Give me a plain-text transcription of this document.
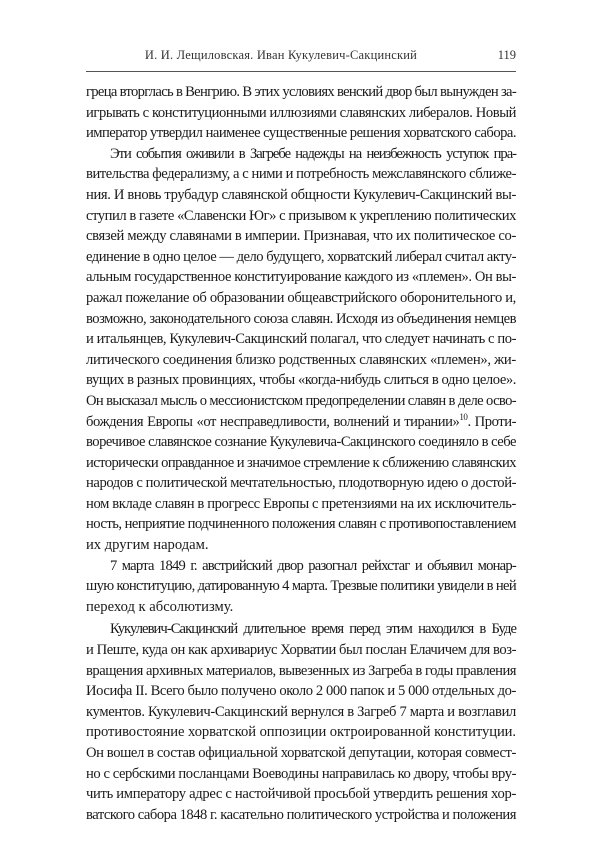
И. И. Лещиловская. Иван Кукулевич-Сакцинский	119

греца вторглась в Венгрию. В этих условиях венский двор был вынужден за-
игрывать с конституционными иллюзиями славянских либералов. Новый
император утвердил наименее существенные решения хорватского сабора.

Эти события оживили в Загребе надежды на неизбежность уступок пра-
вительства федерализму, а с ними и потребность межславянского сближе-
ния. И вновь трубадур славянской общности Кукулевич-Сакцинский вы-
ступил в газете «Славенски Юг» с призывом к укреплению политических
связей между славянами в империи. Признавая, что их политическое со-
единение в одно целое — дело будущего, хорватский либерал считал акту-
альным государственное конституирование каждого из «племен». Он вы-
ражал пожелание об образовании общеавстрийского оборонительного и,
возможно, законодательного союза славян. Исходя из объединения немцев
и итальянцев, Кукулевич-Сакцинский полагал, что следует начинать с по-
литического соединения близко родственных славянских «племен», жи-
вущих в разных провинциях, чтобы «когда-нибудь слиться в одно целое».
Он высказал мысль о мессионистском предопределении славян в деле осво-
бождения Европы «от несправедливости, волнений и тирании»$^{10}$. Проти-
воречивое славянское сознание Кукулевича-Сакцинского соединяло в себе
исторически оправданное и значимое стремление к сближению славянских
народов с политической мечтательностью, плодотворную идею о достой-
ном вкладе славян в прогресс Европы с претензиями на их исключитель-
ность, неприятие подчиненного положения славян с противопоставлением
их другим народам.

7 марта 1849 г. австрийский двор разогнал рейхстаг и объявил монар-
шую конституцию, датированную 4 марта. Трезвые политики увидели в ней
переход к абсолютизму.

Кукулевич-Сакцинский длительное время перед этим находился в Буде
и Пеште, куда он как архивариус Хорватии был послан Елачичем для воз-
вращения архивных материалов, вывезенных из Загреба в годы правления
Иосифа II. Всего было получено около 2 000 папок и 5 000 отдельных до-
кументов. Кукулевич-Сакцинский вернулся в Загреб 7 марта и возглавил
противостояние хорватской оппозиции октроированной конституции.
Он вошел в состав официальной хорватской депутации, которая совмест-
но с сербскими посланцами Воеводины направилась ко двору, чтобы вру-
чить императору адрес с настойчивой просьбой утвердить решения хор-
ватского сабора 1848 г. касательно политического устройства и положения
